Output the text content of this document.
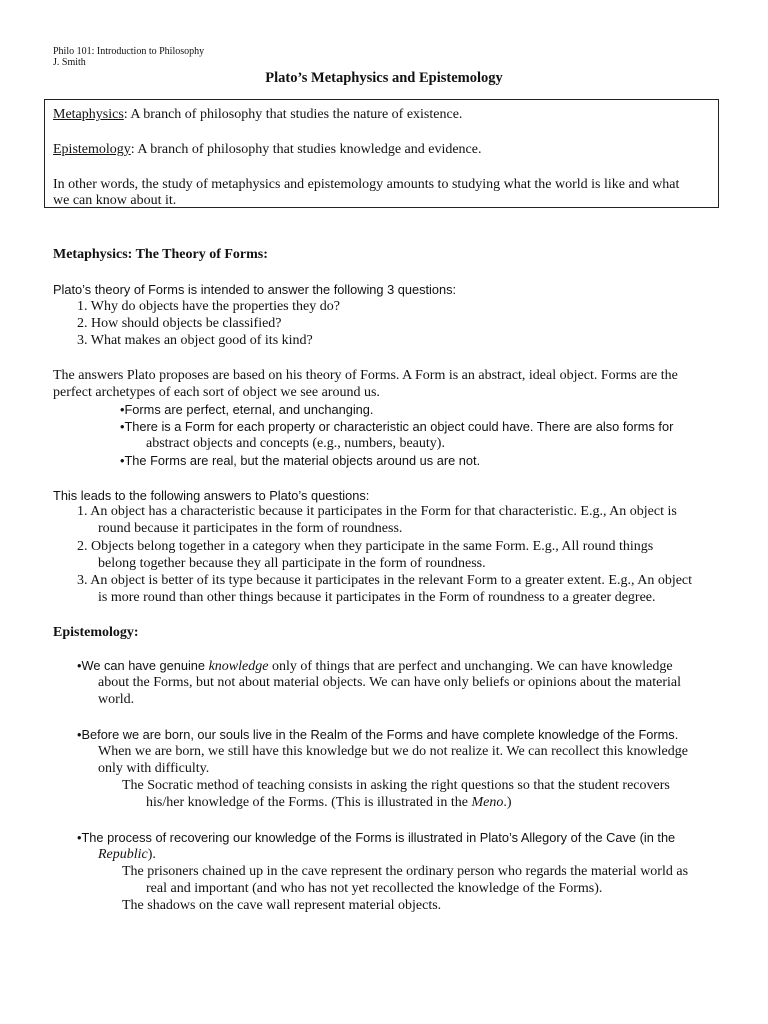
Philo 101: Introduction to Philosophy
J. Smith
Plato’s Metaphysics and Epistemology
Metaphysics: A branch of philosophy that studies the nature of existence.
Epistemology: A branch of philosophy that studies knowledge and evidence.
In other words, the study of metaphysics and epistemology amounts to studying what the world is like and what
we can know about it.
Metaphysics: The Theory of Forms:
Plato’s theory of Forms is intended to answer the following 3 questions:
1. Why do objects have the properties they do?
2. How should objects be classified?
3. What makes an object good of its kind?
The answers Plato proposes are based on his theory of Forms. A Form is an abstract, ideal object. Forms are the
perfect archetypes of each sort of object we see around us.
•Forms are perfect, eternal, and unchanging.
•There is a Form for each property or characteristic an object could have. There are also forms for
abstract objects and concepts (e.g., numbers, beauty).
•The Forms are real, but the material objects around us are not.
This leads to the following answers to Plato’s questions:
1. An object has a characteristic because it participates in the Form for that characteristic. E.g., An object is
round because it participates in the form of roundness.
2. Objects belong together in a category when they participate in the same Form. E.g., All round things
belong together because they all participate in the form of roundness.
3. An object is better of its type because it participates in the relevant Form to a greater extent. E.g., An object
is more round than other things because it participates in the Form of roundness to a greater degree.
Epistemology:
•We can have genuine knowledge only of things that are perfect and unchanging. We can have knowledge
about the Forms, but not about material objects. We can have only beliefs or opinions about the material
world.
•Before we are born, our souls live in the Realm of the Forms and have complete knowledge of the Forms.
When we are born, we still have this knowledge but we do not realize it. We can recollect this knowledge
only with difficulty.
The Socratic method of teaching consists in asking the right questions so that the student recovers
his/her knowledge of the Forms. (This is illustrated in the Meno.)
•The process of recovering our knowledge of the Forms is illustrated in Plato’s Allegory of the Cave (in the
Republic).
The prisoners chained up in the cave represent the ordinary person who regards the material world as
real and important (and who has not yet recollected the knowledge of the Forms).
The shadows on the cave wall represent material objects.
